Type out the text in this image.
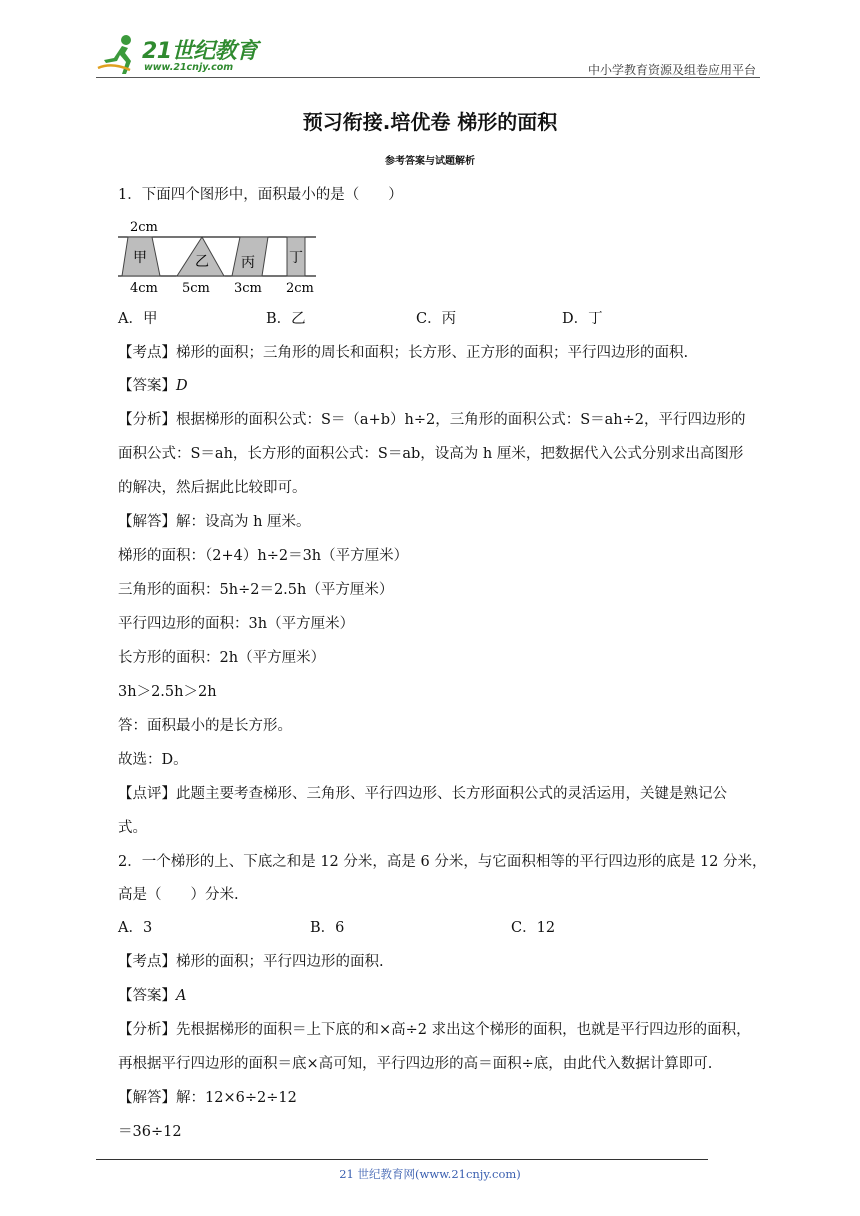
21世纪教育
www.21cnjy.com	中小学教育资源及组卷应用平台
预习衔接.培优卷 梯形的面积
参考答案与试题解析
1．下面四个图形中，面积最小的是（　　）
2cm
甲	乙 丙 丁
4cm 5cm 3cm 2cm
A．甲	B．乙	C．丙	D．丁
【考点】梯形的面积；三角形的周长和面积；长方形、正方形的面积；平行四边形的面积.
【答案】D
【分析】根据梯形的面积公式：S＝（a+b）h÷2，三角形的面积公式：S＝ah÷2，平行四边形的
面积公式：S＝ah，长方形的面积公式：S＝ab，设高为 h 厘米，把数据代入公式分别求出高图形
的解决，然后据此比较即可。
【解答】解：设高为 h 厘米。
梯形的面积：（2+4）h÷2＝3h（平方厘米）
三角形的面积：5h÷2＝2.5h（平方厘米）
平行四边形的面积：3h（平方厘米）
长方形的面积：2h（平方厘米）
3h＞2.5h＞2h
答：面积最小的是长方形。
故选：D。
【点评】此题主要考查梯形、三角形、平行四边形、长方形面积公式的灵活运用，关键是熟记公
式。
2．一个梯形的上、下底之和是 12 分米，高是 6 分米，与它面积相等的平行四边形的底是 12 分米，
高是（　　）分米.
A．3	B．6	C．12
【考点】梯形的面积；平行四边形的面积.
【答案】A
【分析】先根据梯形的面积＝上下底的和×高÷2 求出这个梯形的面积，也就是平行四边形的面积，
再根据平行四边形的面积＝底×高可知，平行四边形的高＝面积÷底，由此代入数据计算即可.
【解答】解：12×6÷2÷12
＝36÷12
21 世纪教育网(www.21cnjy.com)
